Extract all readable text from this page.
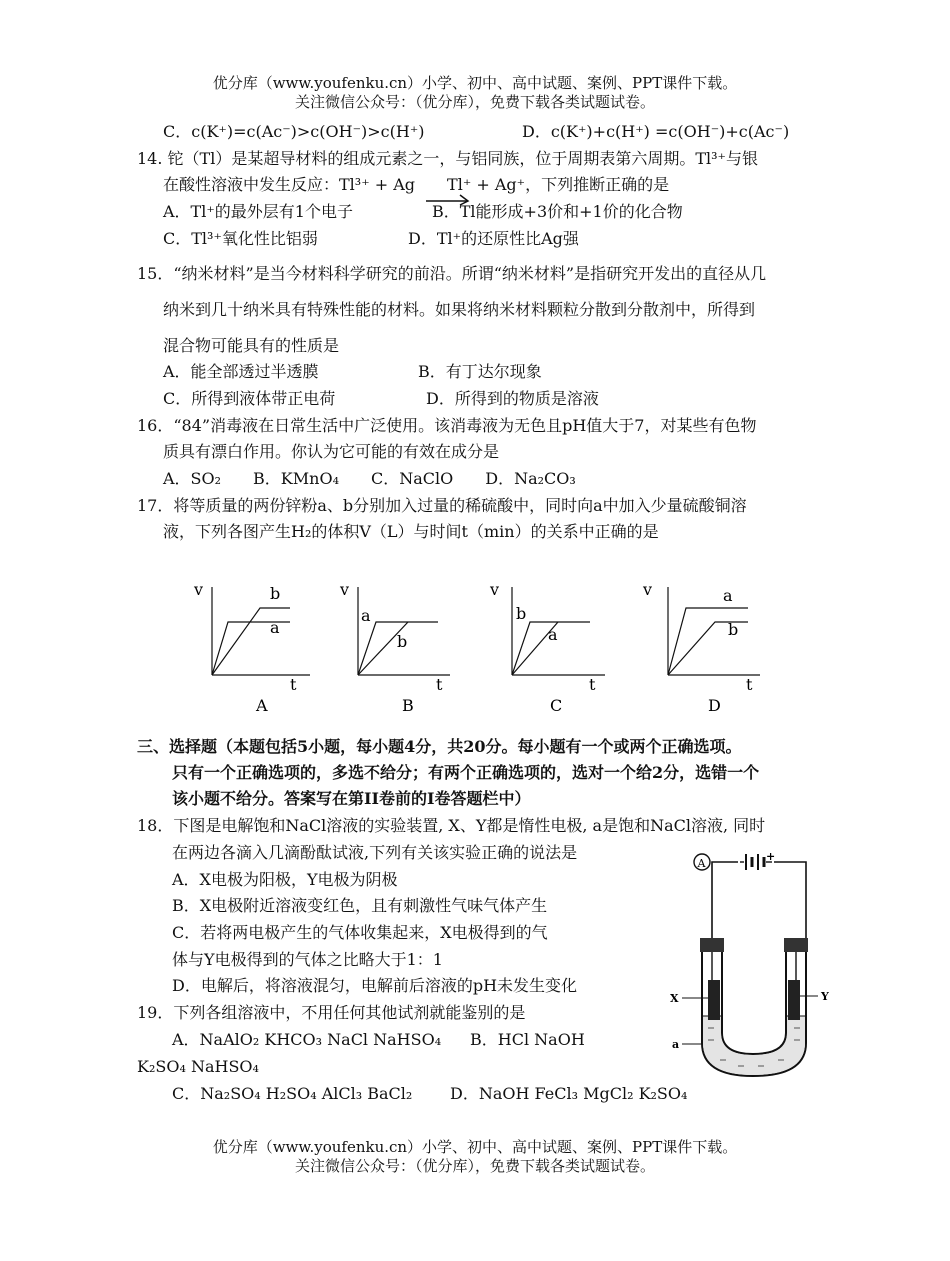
优分库（www.youfenku.cn）小学、初中、高中试题、案例、PPT课件下载。
关注微信公众号：（优分库），免费下载各类试题试卷。
C．c(K⁺)=c(Ac⁻)>c(OH⁻)>c(H⁺)	D．c(K⁺)+c(H⁺) =c(OH⁻)+c(Ac⁻)
14. 铊（Tl）是某超导材料的组成元素之一，与铝同族，位于周期表第六周期。Tl³⁺与银
在酸性溶液中发生反应：Tl³⁺ + Ag　　Tl⁺ + Ag⁺，下列推断正确的是
A．Tl⁺的最外层有1个电子	B．Tl能形成+3价和+1价的化合物
C．Tl³⁺氧化性比铝弱	D．Tl⁺的还原性比Ag强
15．“纳米材料”是当今材料科学研究的前沿。所谓“纳米材料”是指研究开发出的直径从几
纳米到几十纳米具有特殊性能的材料。如果将纳米材料颗粒分散到分散剂中，所得到
混合物可能具有的性质是
A．能全部透过半透膜	B．有丁达尔现象
C．所得到液体带正电荷	D．所得到的物质是溶液
16．“84”消毒液在日常生活中广泛使用。该消毒液为无色且pH值大于7，对某些有色物
质具有漂白作用。你认为它可能的有效在成分是
A．SO₂　　B．KMnO₄　　C．NaClO　　D．Na₂CO₃
17．将等质量的两份锌粉a、b分别加入过量的稀硫酸中，同时向a中加入少量硫酸铜溶
液，下列各图产生H₂的体积V（L）与时间t（min）的关系中正确的是
v
t
b
a
A
v
t
a
b
B
v
t
b
a
C
v
t
a
b
D
三、选择题（本题包括5小题，每小题4分，共20分。每小题有一个或两个正确选项。
只有一个正确选项的，多选不给分；有两个正确选项的，选对一个给2分，选错一个
该小题不给分。答案写在第II卷前的I卷答题栏中）
18．下图是电解饱和NaCl溶液的实验装置, X、Y都是惰性电极, a是饱和NaCl溶液, 同时
在两边各滴入几滴酚酞试液,下列有关该实验正确的说法是
A．X电极为阳极，Y电极为阴极
B．X电极附近溶液变红色，且有刺激性气味气体产生
C．若将两电极产生的气体收集起来，X电极得到的气
体与Y电极得到的气体之比略大于1：1
D．电解后，将溶液混匀，电解前后溶液的pH未发生变化
A
+
X	Y
a
19．下列各组溶液中，不用任何其他试剂就能鉴别的是
A．NaAlO₂ KHCO₃ NaCl NaHSO₄ B．HCl NaOH
K₂SO₄ NaHSO₄
C．Na₂SO₄ H₂SO₄ AlCl₃ BaCl₂ D．NaOH FeCl₃ MgCl₂ K₂SO₄
优分库（www.youfenku.cn）小学、初中、高中试题、案例、PPT课件下载。
关注微信公众号：（优分库），免费下载各类试题试卷。
